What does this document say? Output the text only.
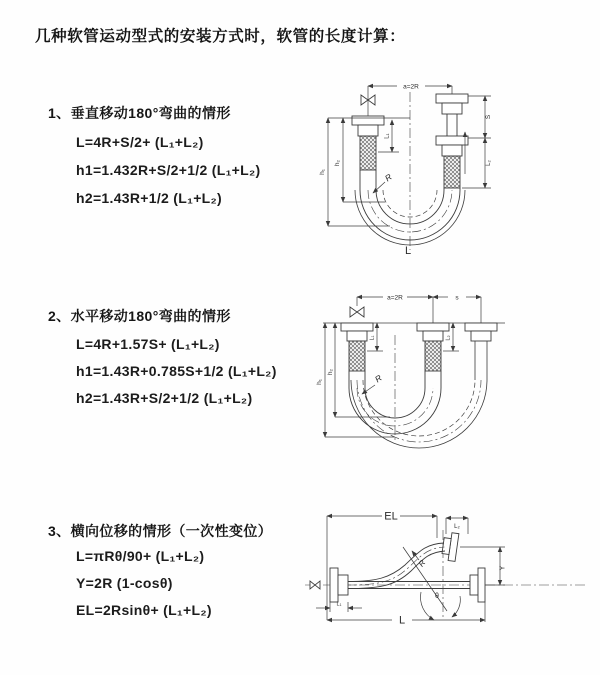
几种软管运动型式的安装方式时，软管的长度计算：
1、垂直移动180°弯曲的情形
L=4R+S/2+ (L₁+L₂)
h1=1.432R+S/2+1/2 (L₁+L₂)
h2=1.43R+1/2 (L₁+L₂)
a=2R
h₁
h₂
L₁
S
L₂
R
L
2、水平移动180°弯曲的情形
L=4R+1.57S+ (L₁+L₂)
h1=1.43R+0.785S+1/2 (L₁+L₂)
h2=1.43R+S/2+1/2 (L₁+L₂)
a=2R	s
h₁
h₂
L₁	L₂
R
3、横向位移的情形（一次性变位）
L=πRθ/90+ (L₁+L₂)
Y=2R (1-cosθ)
EL=2Rsinθ+ (L₁+L₂)
EL
L₂
Y
R
θ
L₁
L
